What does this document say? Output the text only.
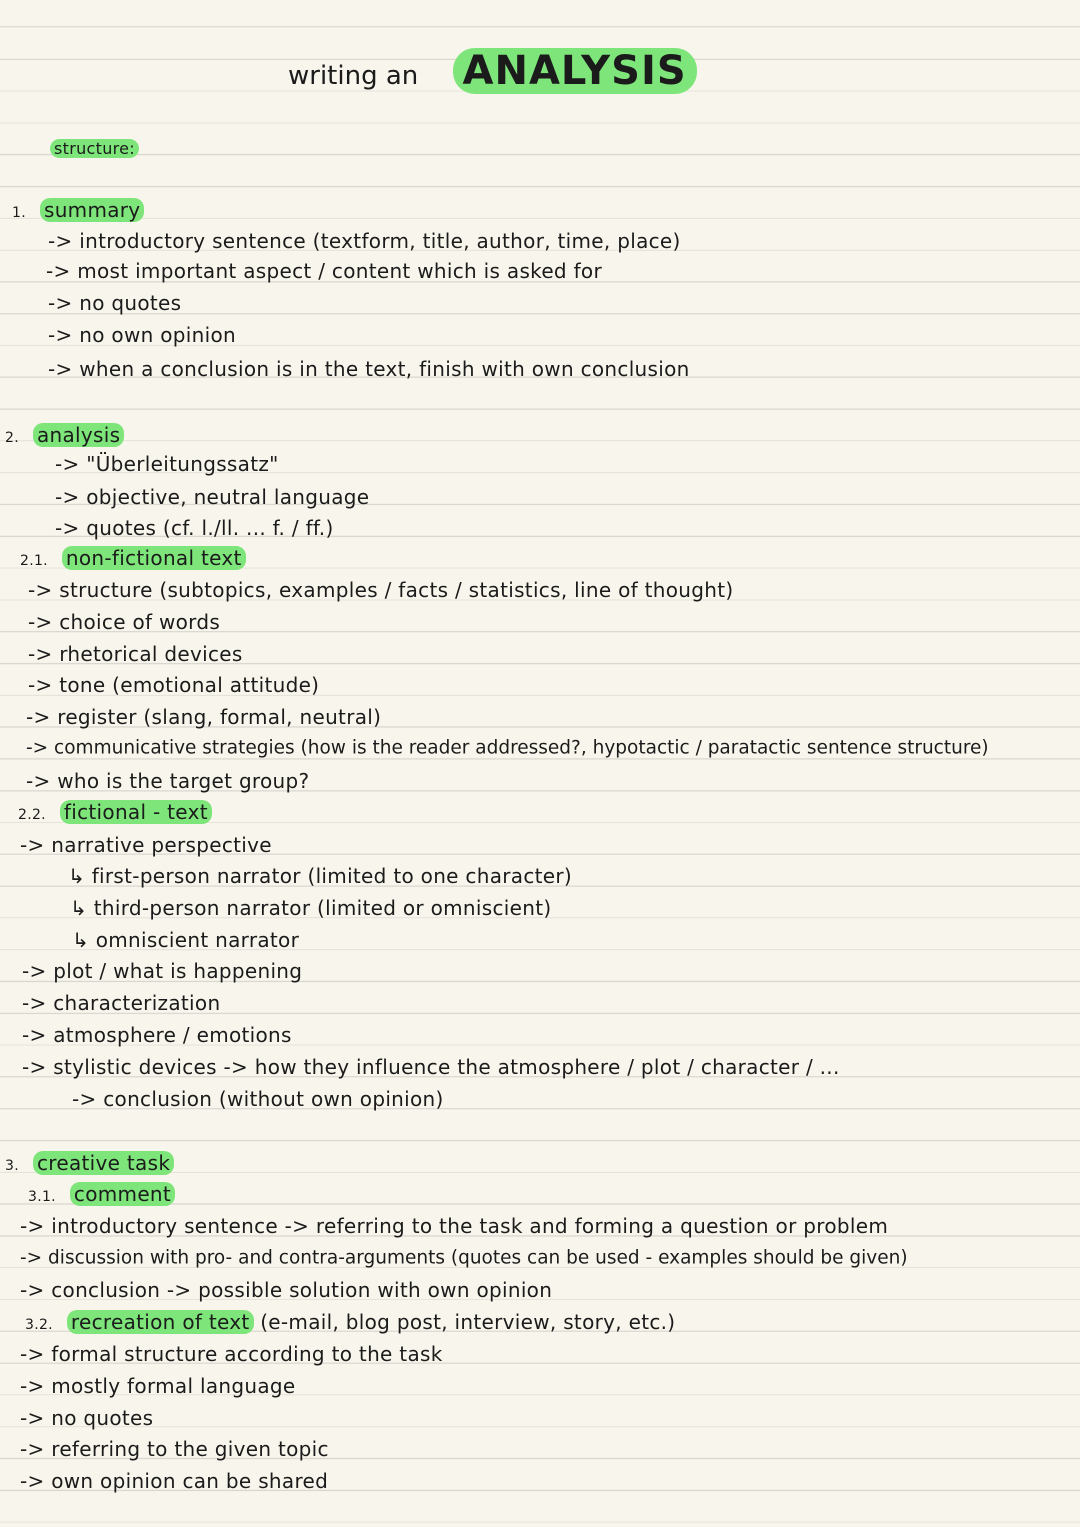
writing an ANALYSIS
structure:
1. summary
-> introductory sentence (textform, title, author, time, place)
-> most important aspect / content which is asked for
-> no quotes
-> no own opinion
-> when a conclusion is in the text, finish with own conclusion
2. analysis
-> "Überleitungssatz"
-> objective, neutral language
-> quotes (cf. l./ll. ... f. / ff.)
2.1. non-fictional text
-> structure (subtopics, examples / facts / statistics, line of thought)
-> choice of words
-> rhetorical devices
-> tone (emotional attitude)
-> register (slang, formal, neutral)
-> communicative strategies (how is the reader addressed?, hypotactic / paratactic sentence structure)
-> who is the target group?
2.2. fictional - text
-> narrative perspective
↳ first-person narrator (limited to one character)
↳ third-person narrator (limited or omniscient)
↳ omniscient narrator
-> plot / what is happening
-> characterization
-> atmosphere / emotions
-> stylistic devices -> how they influence the atmosphere / plot / character / ...
-> conclusion (without own opinion)
3. creative task
3.1. comment
-> introductory sentence -> referring to the task and forming a question or problem
-> discussion with pro- and contra-arguments (quotes can be used - examples should be given)
-> conclusion -> possible solution with own opinion
3.2. recreation of text (e-mail, blog post, interview, story, etc.)
-> formal structure according to the task
-> mostly formal language
-> no quotes
-> referring to the given topic
-> own opinion can be shared
